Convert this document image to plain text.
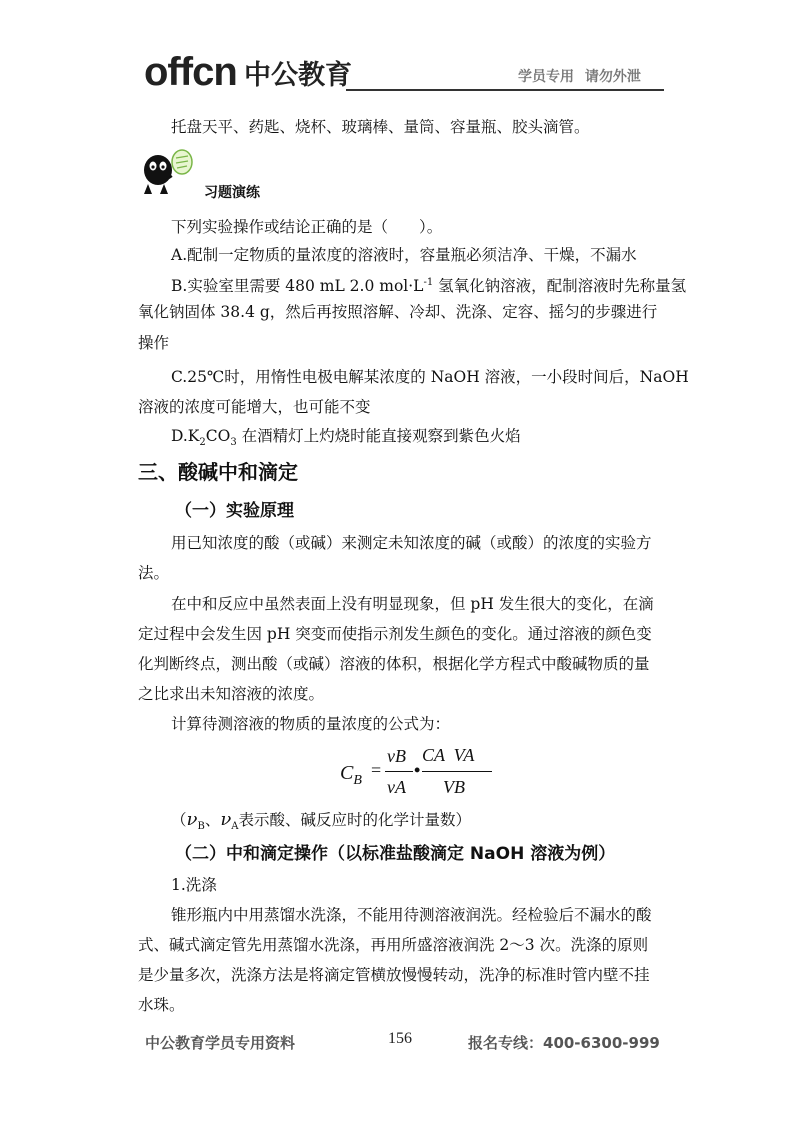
offcn 中公教育	学员专用 请勿外泄
托盘天平、药匙、烧杯、玻璃棒、量筒、容量瓶、胶头滴管。
习题演练
下列实验操作或结论正确的是（　　）。
A.配制一定物质的量浓度的溶液时，容量瓶必须洁净、干燥，不漏水
B.实验室里需要 480 mL 2.0 $mol\cdot L^{-1}$ 氢氧化钠溶液，配制溶液时先称量氢
氧化钠固体 38.4 g，然后再按照溶解、冷却、洗涤、定容、摇匀的步骤进行
操作
C.25℃时，用惰性电极电解某浓度的 NaOH 溶液，一小段时间后，NaOH
溶液的浓度可能增大，也可能不变
$D.K_2CO_3$ 在酒精灯上灼烧时能直接观察到紫色火焰
三、酸碱中和滴定
（一）实验原理
用已知浓度的酸（或碱）来测定未知浓度的碱（或酸）的浓度的实验方
法。
在中和反应中虽然表面上没有明显现象，但 pH 发生很大的变化，在滴
定过程中会发生因 pH 突变而使指示剂发生颜色的变化。通过溶液的颜色变
化判断终点，测出酸（或碱）溶液的体积，根据化学方程式中酸碱物质的量
之比求出未知溶液的浓度。
计算待测溶液的物质的量浓度的公式为：
$C_B$
=
vB
vA
•
CA  VA
VB
（$\nu_B$、$\nu_A$表示酸、碱反应时的化学计量数）
（二）中和滴定操作（以标准盐酸滴定 NaOH 溶液为例）
1.洗涤
锥形瓶内中用蒸馏水洗涤，不能用待测溶液润洗。经检验后不漏水的酸
式、碱式滴定管先用蒸馏水洗涤，再用所盛溶液润洗 2～3 次。洗涤的原则
是少量多次，洗涤方法是将滴定管横放慢慢转动，洗净的标准时管内壁不挂
水珠。
中公教育学员专用资料	156	报名专线：400-6300-999
